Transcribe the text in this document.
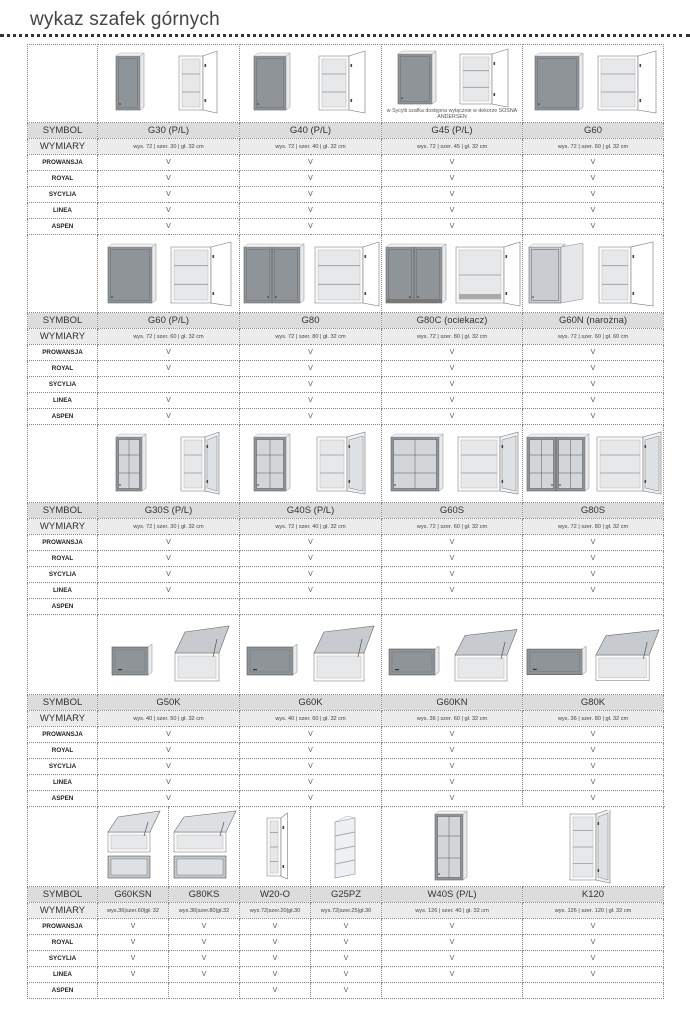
wykaz szafek górnych

w Sycylii szafka dostępna wyłącznie w dekorze SOSNA ANDERSEN

SYMBOL	G30 (P/L)		G40 (P/L)		G45 (P/L)	G60	
WYMIARY	wys. 72 | szer. 30 | gł. 32 cm		wys. 72 | szer. 40 | gł. 32 cm		wys. 72 | szer. 45 | gł. 32 cm	wys. 72 | szer. 60 | gł. 32 cm	
PROWANSJA	V		V		V	V	
ROYAL	V		V		V	V	
SYCYLIA	V		V		V	V	
LINEA	V		V		V	V	
ASPEN	V		V		V	V	

SYMBOL	G60 (P/L)		G80		G80C (ociekacz)	G60N (narożna)	
WYMIARY	wys. 72 | szer. 60 | gł. 32 cm		wys. 72 | szer. 80 | gł. 32 cm		wys. 72 | szer. 80 | gł. 32 cm	wys. 72 | szer. 60 | gł. 60 cm	
PROWANSJA	V		V		V	V	
ROYAL	V		V		V	V	
SYCYLIA			V		V	V	
LINEA	V		V		V	V	
ASPEN	V		V		V	V	

SYMBOL	G30S (P/L)		G40S (P/L)		G60S	G80S	
WYMIARY	wys. 72 | szer. 30 | gł. 32 cm		wys. 72 | szer. 40 | gł. 32 cm		wys. 72 | szer. 60 | gł. 32 cm	wys. 72 | szer. 80 | gł. 32 cm	
PROWANSJA	V		V		V	V	
ROYAL	V		V		V	V	
SYCYLIA	V		V		V	V	
LINEA	V		V		V	V	
ASPEN							

SYMBOL	G50K		G60K		G60KN	G80K	
WYMIARY	wys. 40 | szer. 50 | gł. 32 cm		wys. 40 | szer. 60 | gł. 32 cm		wys. 36 | szer. 60 | gł. 32 cm	wys. 36 | szer. 80 | gł. 32 cm	
PROWANSJA	V		V		V	V	
ROYAL	V		V		V	V	
SYCYLIA	V		V		V	V	
LINEA	V		V		V	V	
ASPEN	V		V		V	V	

SYMBOL	G60KSN	G80KS	W20-O	G25PZ	W40S (P/L)	K120	
WYMIARY	wys.36|szer.60|gł. 32	wys.36|szer.80|gł.32	wys.72|szer.20|gł.30	wys.72|szer.25|gł.30	wys. 126 | szer. 40 | gł. 32 cm	wys. 126 | szer. 120 | gł. 32 cm	
PROWANSJA	V	V	V	V	V	V	
ROYAL	V	V	V	V	V	V	
SYCYLIA	V	V	V	V	V	V	
LINEA	V	V	V	V	V	V	
ASPEN			V	V			
